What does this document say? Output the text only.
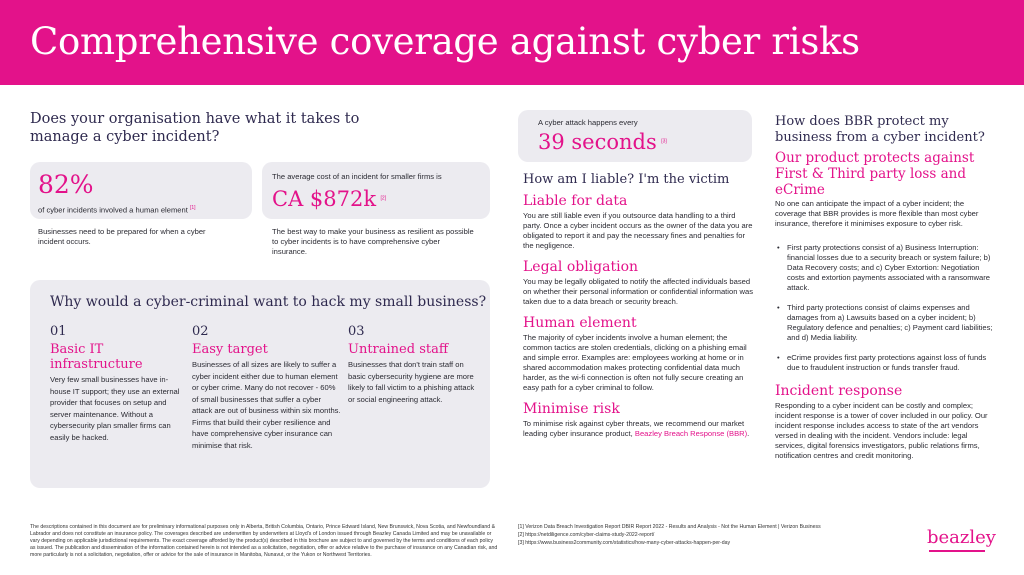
Comprehensive coverage against cyber risks
Does your organisation have what it takes to manage a cyber incident?
82%
of cyber incidents involved a human element [1]
Businesses need to be prepared for when a cyber incident occurs.
The average cost of an incident for smaller firms is
CA $872k [2]
The best way to make your business as resilient as possible to cyber incidents is to have comprehensive cyber insurance.
Why would a cyber-criminal want to hack my small business?
01
Basic IT infrastructure
Very few small businesses have in-house IT support; they use an external provider that focuses on setup and server maintenance. Without a cybersecurity plan smaller firms can easily be hacked.
02
Easy target
Businesses of all sizes are likely to suffer a cyber incident either due to human element or cyber crime. Many do not recover - 60% of small businesses that suffer a cyber attack are out of business within six months. Firms that build their cyber resilience and have comprehensive cyber insurance can minimise that risk.
03
Untrained staff
Businesses that don't train staff on basic cybersecurity hygiene are more likely to fall victim to a phishing attack or social engineering attack.
A cyber attack happens every
39 seconds [3]
How am I liable? I'm the victim
Liable for data
You are still liable even if you outsource data handling to a third party. Once a cyber incident occurs as the owner of the data you are obligated to report it and pay the necessary fines and penalties for the negligence.
Legal obligation
You may be legally obligated to notify the affected individuals based on whether their personal information or confidential information was taken due to a data breach or security breach.
Human element
The majority of cyber incidents involve a human element; the common tactics are stolen credentials, clicking on a phishing email and simple error. Examples are: employees working at home or in shared accommodation makes protecting confidential data much harder, as the wi-fi connection is often not fully secure creating an easy path for a cyber criminal to follow.
Minimise risk
To minimise risk against cyber threats, we recommend our market leading cyber insurance product, Beazley Breach Response (BBR).
How does BBR protect my business from a cyber incident?
Our product protects against First & Third party loss and eCrime
No one can anticipate the impact of a cyber incident; the coverage that BBR provides is more flexible than most cyber insurance, therefore it minimises exposure to cyber risk.
• First party protections consist of a) Business Interruption: financial losses due to a security breach or system failure; b) Data Recovery costs; and c) Cyber Extortion: Negotiation costs and extortion payments associated with a ransomware attack.
• Third party protections consist of claims expenses and damages from a) Lawsuits based on a cyber incident; b) Regulatory defence and penalties; c) Payment card liabilities; and d) Media liability.
• eCrime provides first party protections against loss of funds due to fraudulent instruction or funds transfer fraud.
Incident response
Responding to a cyber incident can be costly and complex; incident response is a tower of cover included in our policy. Our incident response includes access to state of the art vendors versed in dealing with the incident. Vendors include: legal services, digital forensics investigators, public relations firms, notification centres and credit monitoring.
The descriptions contained in this document are for preliminary informational purposes only in Alberta, British Columbia, Ontario, Prince Edward Island, New Brunswick, Nova Scotia, and Newfoundland & Labrador and does not constitute an insurance policy. The coverages described are underwritten by underwriters at Lloyd's of London issued through Beazley Canada Limited and may be unavailable or vary depending on applicable jurisdictional requirements. The exact coverage afforded by the product(s) described in this brochure are subject to and governed by the terms and conditions of each policy as issued. The publication and dissemination of the information contained herein is not intended as a solicitation, negotiation, offer or advice relative to the purchase of insurance on any Canadian risk, and more particularly is not a solicitation, negotiation, offer or advice for the sale of insurance in Manitoba, Nunavut, or the Yukon or Northwest Territories.
[1] Verizon Data Breach Investigation Report DBIR Report 2022 - Results and Analysis - Not the Human Element | Verizon Business
[2] https://netdiligence.com/cyber-claims-study-2022-report/
[3] https://www.business2community.com/statistics/how-many-cyber-attacks-happen-per-day	beazley
